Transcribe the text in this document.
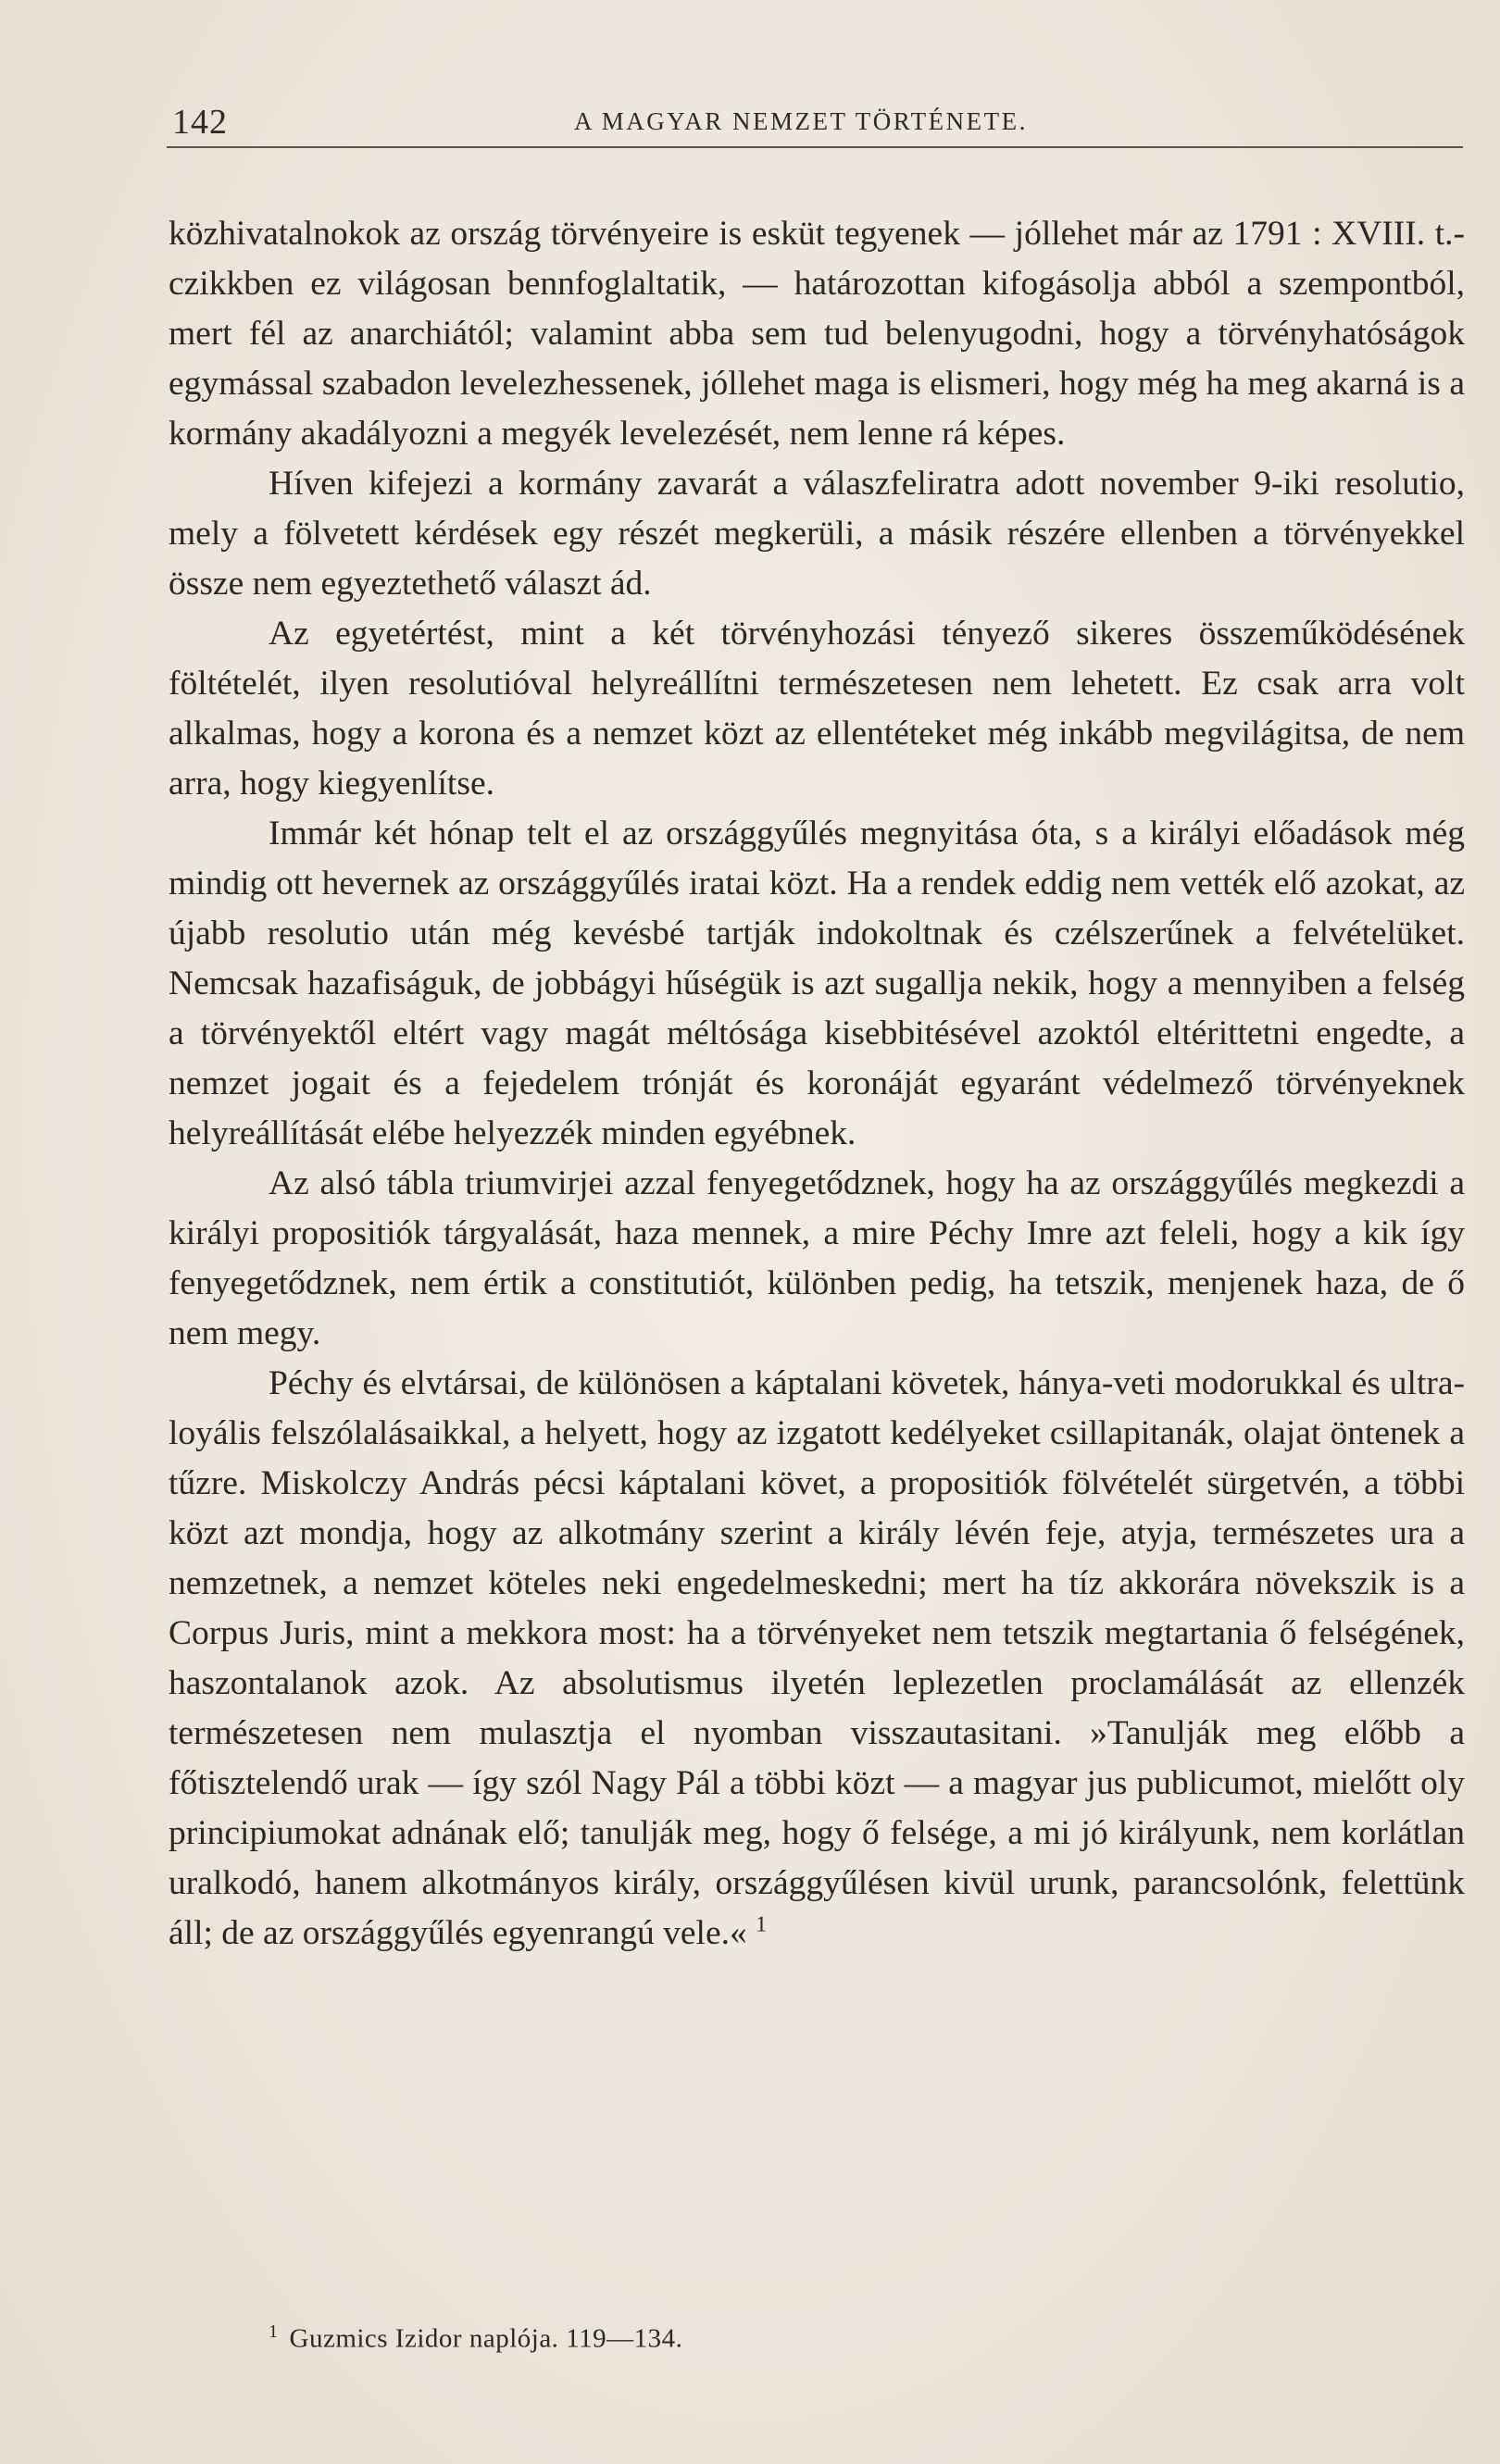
142	A MAGYAR NEMZET TÖRTÉNETE.

közhivatalnokok az ország törvényeire is esküt tegyenek — jóllehet már az 1791 : XVIII. t.-czikkben ez világosan bennfoglaltatik, — határozottan kifogásolja abból a szempontból, mert fél az anarchiától; valamint abba sem tud belenyugodni, hogy a törvényhatóságok egymással szabadon levelezhessenek, jóllehet maga is elismeri, hogy még ha meg akarná is a kormány akadályozni a megyék levelezését, nem lenne rá képes.

Híven kifejezi a kormány zavarát a válaszfeliratra adott november 9-iki resolutio, mely a fölvetett kérdések egy részét megkerüli, a másik részére ellenben a törvényekkel össze nem egyeztethető választ ád.

Az egyetértést, mint a két törvényhozási tényező sikeres összeműködésének föltételét, ilyen resolutióval helyreállítni természetesen nem lehetett. Ez csak arra volt alkalmas, hogy a korona és a nemzet közt az ellentéteket még inkább megvilágitsa, de nem arra, hogy kiegyenlítse.

Immár két hónap telt el az országgyűlés megnyitása óta, s a királyi előadások még mindig ott hevernek az országgyűlés iratai közt. Ha a rendek eddig nem vették elő azokat, az újabb resolutio után még kevésbé tartják indokoltnak és czélszerűnek a felvételüket. Nemcsak hazafiságuk, de jobbágyi hűségük is azt sugallja nekik, hogy a mennyiben a felség a törvényektől eltért vagy magát méltósága kisebbitésével azoktól eltérittetni engedte, a nemzet jogait és a fejedelem trónját és koronáját egyaránt védelmező törvényeknek helyreállítását elébe helyezzék minden egyébnek.

Az alsó tábla triumvirjei azzal fenyegetődznek, hogy ha az országgyűlés megkezdi a királyi propositiók tárgyalását, haza mennek, a mire Péchy Imre azt feleli, hogy a kik így fenyegetődznek, nem értik a constitutiót, különben pedig, ha tetszik, menjenek haza, de ő nem megy.

Péchy és elvtársai, de különösen a káptalani követek, hánya-veti modorukkal és ultra-loyális felszólalásaikkal, a helyett, hogy az izgatott kedélyeket csillapitanák, olajat öntenek a tűzre. Miskolczy András pécsi káptalani követ, a propositiók fölvételét sürgetvén, a többi közt azt mondja, hogy az alkotmány szerint a király lévén feje, atyja, természetes ura a nemzetnek, a nemzet köteles neki engedelmeskedni; mert ha tíz akkorára növekszik is a Corpus Juris, mint a mekkora most: ha a törvényeket nem tetszik megtartania ő felségének, haszontalanok azok. Az absolutismus ilyetén leplezetlen proclamálását az ellenzék természetesen nem mulasztja el nyomban visszautasitani. »Tanulják meg előbb a főtisztelendő urak — így szól Nagy Pál a többi közt — a magyar jus publicumot, mielőtt oly principiumokat adnának elő; tanulják meg, hogy ő felsége, a mi jó királyunk, nem korlátlan uralkodó, hanem alkotmányos király, országgyűlésen kivül urunk, parancsolónk, felettünk áll; de az országgyűlés egyenrangú vele.« $^1$

$^1$ Guzmics Izidor naplója. 119—134.
